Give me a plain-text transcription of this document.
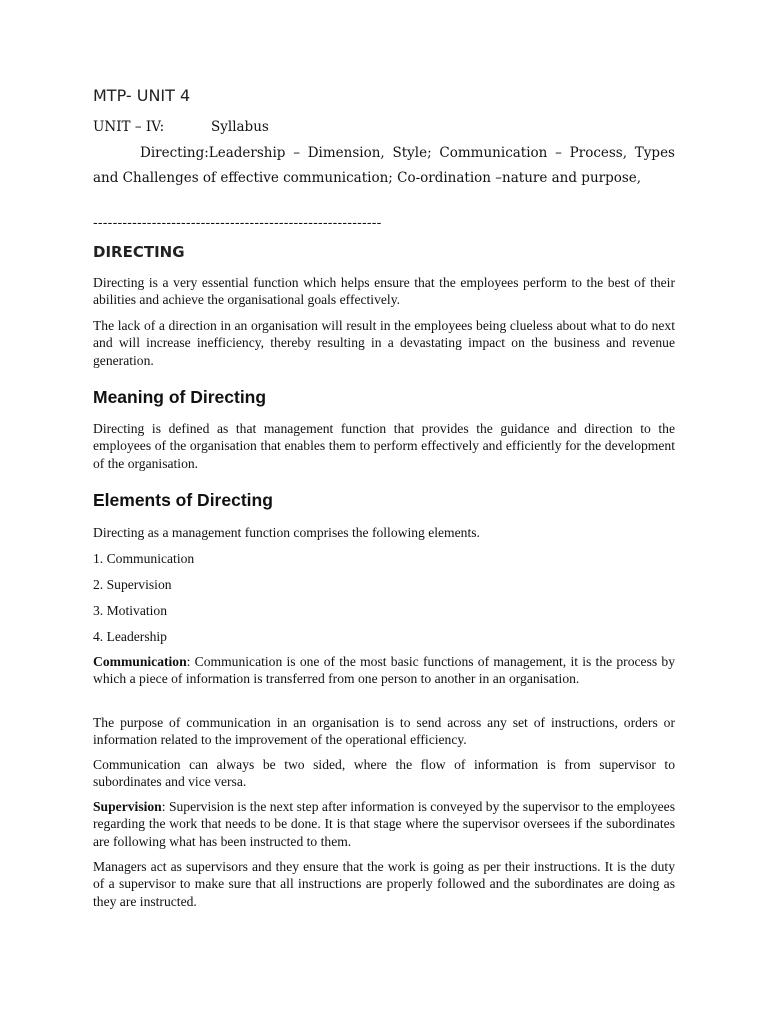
MTP- UNIT 4
UNIT – IV:	Syllabus
Directing:Leadership – Dimension, Style; Communication – Process, Types and Challenges of effective communication; Co-ordination –nature and purpose,
-----------------------------------------------------------
DIRECTING

Directing is a very essential function which helps ensure that the employees perform to the best of their abilities and achieve the organisational goals effectively.

The lack of a direction in an organisation will result in the employees being clueless about what to do next and will increase inefficiency, thereby resulting in a devastating impact on the business and revenue generation.

Meaning of Directing

Directing is defined as that management function that provides the guidance and direction to the employees of the organisation that enables them to perform effectively and efficiently for the development of the organisation.

Elements of Directing

Directing as a management function comprises the following elements.

1. Communication
2. Supervision
3. Motivation
4. Leadership

Communication: Communication is one of the most basic functions of management, it is the process by which a piece of information is transferred from one person to another in an organisation.

The purpose of communication in an organisation is to send across any set of instructions, orders or information related to the improvement of the operational efficiency.

Communication can always be two sided, where the flow of information is from supervisor to subordinates and vice versa.

Supervision: Supervision is the next step after information is conveyed by the supervisor to the employees regarding the work that needs to be done. It is that stage where the supervisor oversees if the subordinates are following what has been instructed to them.

Managers act as supervisors and they ensure that the work is going as per their instructions. It is the duty of a supervisor to make sure that all instructions are properly followed and the subordinates are doing as they are instructed.
